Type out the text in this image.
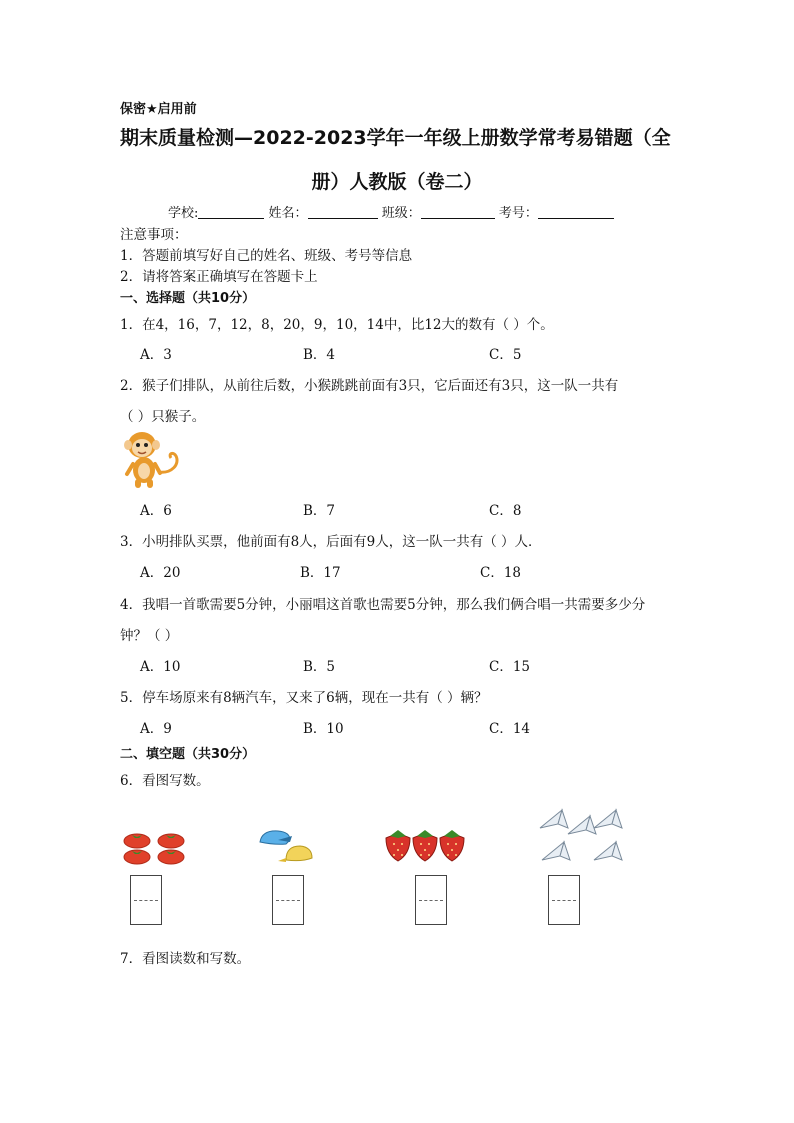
保密★启用前
期末质量检测—2022-2023学年一年级上册数学常考易错题（全
册）人教版（卷二）
学校:	姓名：	班级：	考号：
注意事项：
1．答题前填写好自己的姓名、班级、考号等信息
2．请将答案正确填写在答题卡上
一、选择题（共10分）
1．在4，16，7，12，8，20，9，10，14中，比12大的数有（ ）个。
A．3	B．4	C．5
2．猴子们排队，从前往后数，小猴跳跳前面有3只，它后面还有3只，这一队一共有
（ ）只猴子。
A．6	B．7	C．8
3．小明排队买票，他前面有8人，后面有9人，这一队一共有（ ）人．
A．20	B．17	C．18
4．我唱一首歌需要5分钟，小丽唱这首歌也需要5分钟，那么我们俩合唱一共需要多少分
钟？（ ）
A．10	B．5	C．15
5．停车场原来有8辆汽车，又来了6辆，现在一共有（ ）辆？
A．9	B．10	C．14
二、填空题（共30分）
6．看图写数。
7．看图读数和写数。
